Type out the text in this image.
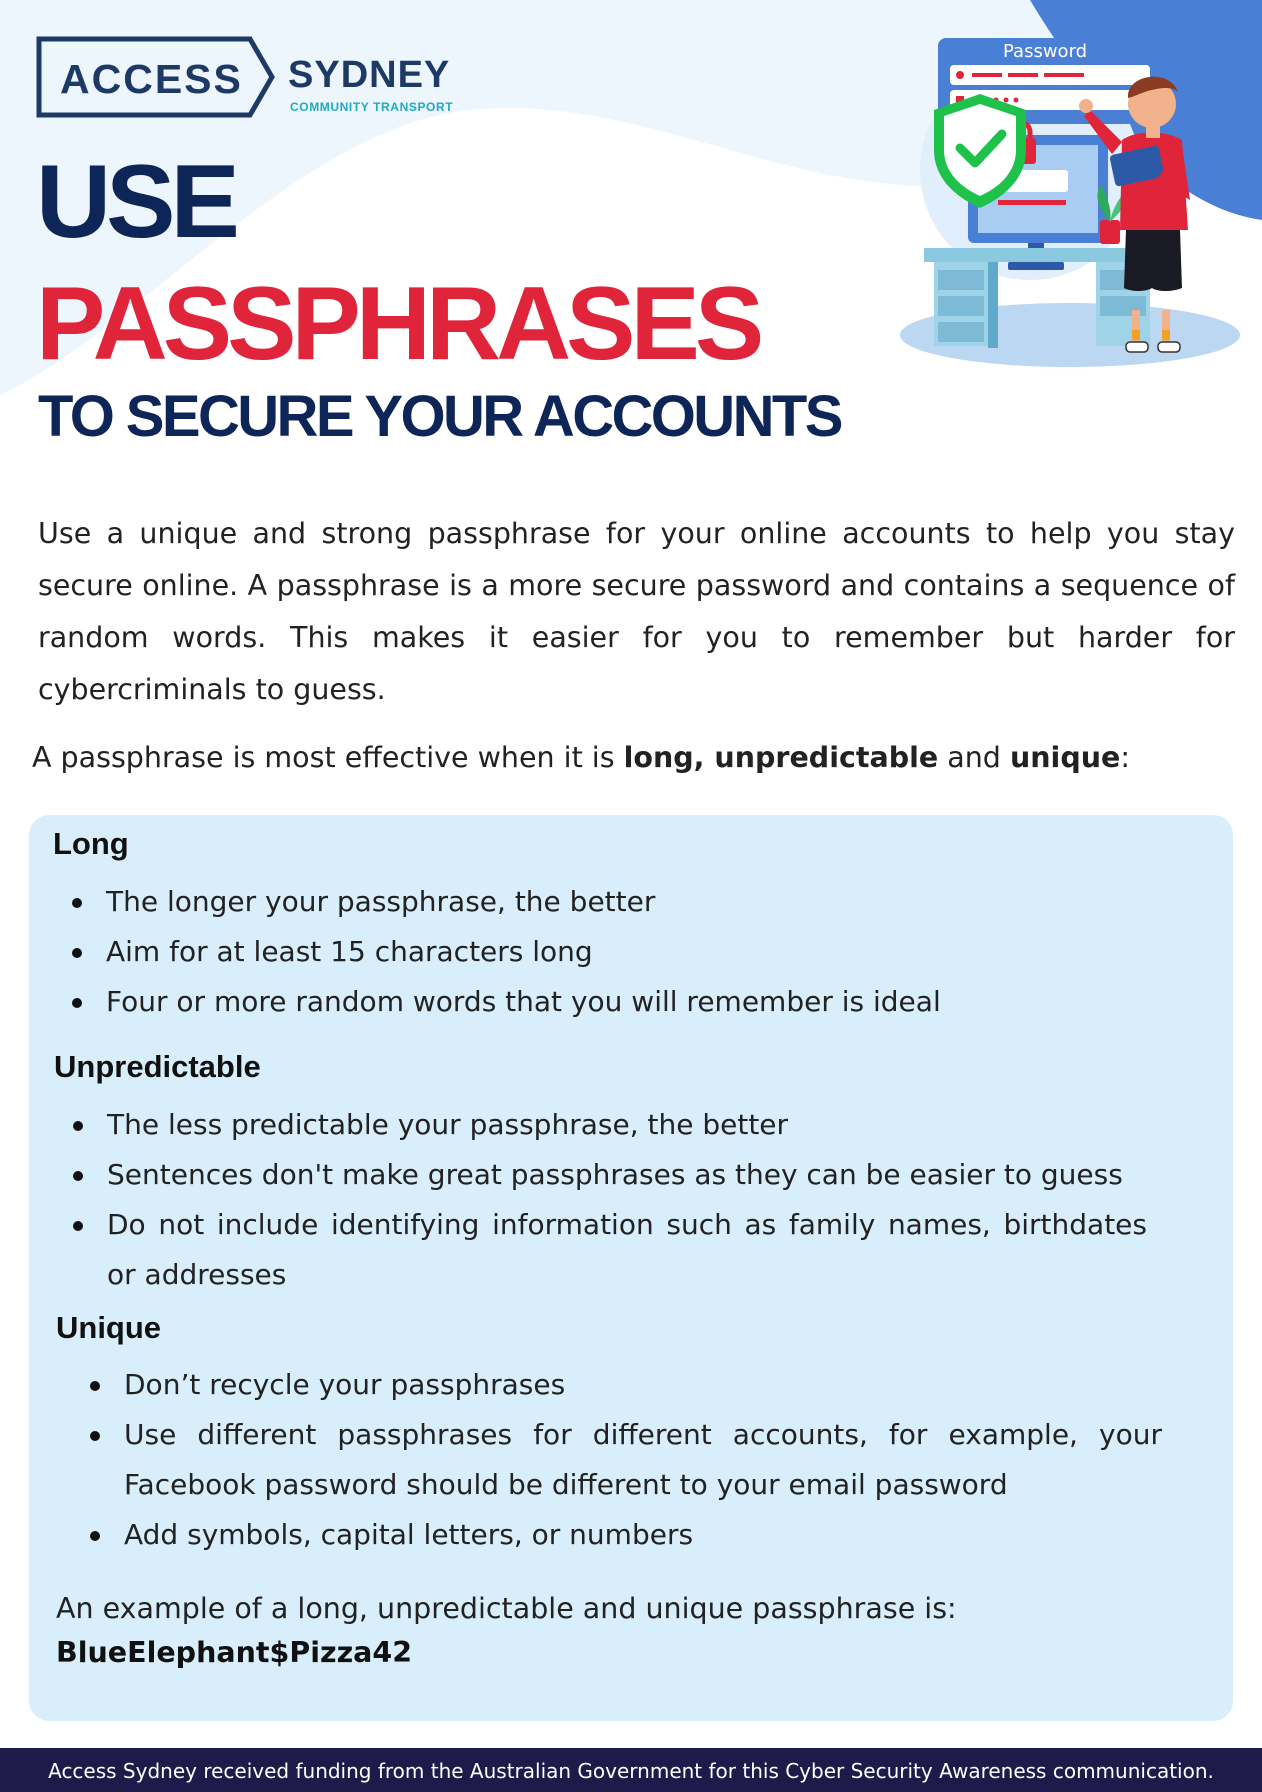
ACCESS SYDNEY
COMMUNITY TRANSPORT
USE
PASSPHRASES
TO SECURE YOUR ACCOUNTS
Password

Use a unique and strong passphrase for your online accounts to help you stay secure online. A passphrase is a more secure password and contains a sequence of random words. This makes it easier for you to remember but harder for cybercriminals to guess.

A passphrase is most effective when it is long, unpredictable and unique:

Long
The longer your passphrase, the better
Aim for at least 15 characters long
Four or more random words that you will remember is ideal
Unpredictable
The less predictable your passphrase, the better
Sentences don't make great passphrases as they can be easier to guess
Do not include identifying information such as family names, birthdates or addresses
Unique
Don’t recycle your passphrases
Use different passphrases for different accounts, for example, your Facebook password should be different to your email password
Add symbols, capital letters, or numbers
An example of a long, unpredictable and unique passphrase is:
BlueElephant$Pizza42
Access Sydney received funding from the Australian Government for this Cyber Security Awareness communication.
